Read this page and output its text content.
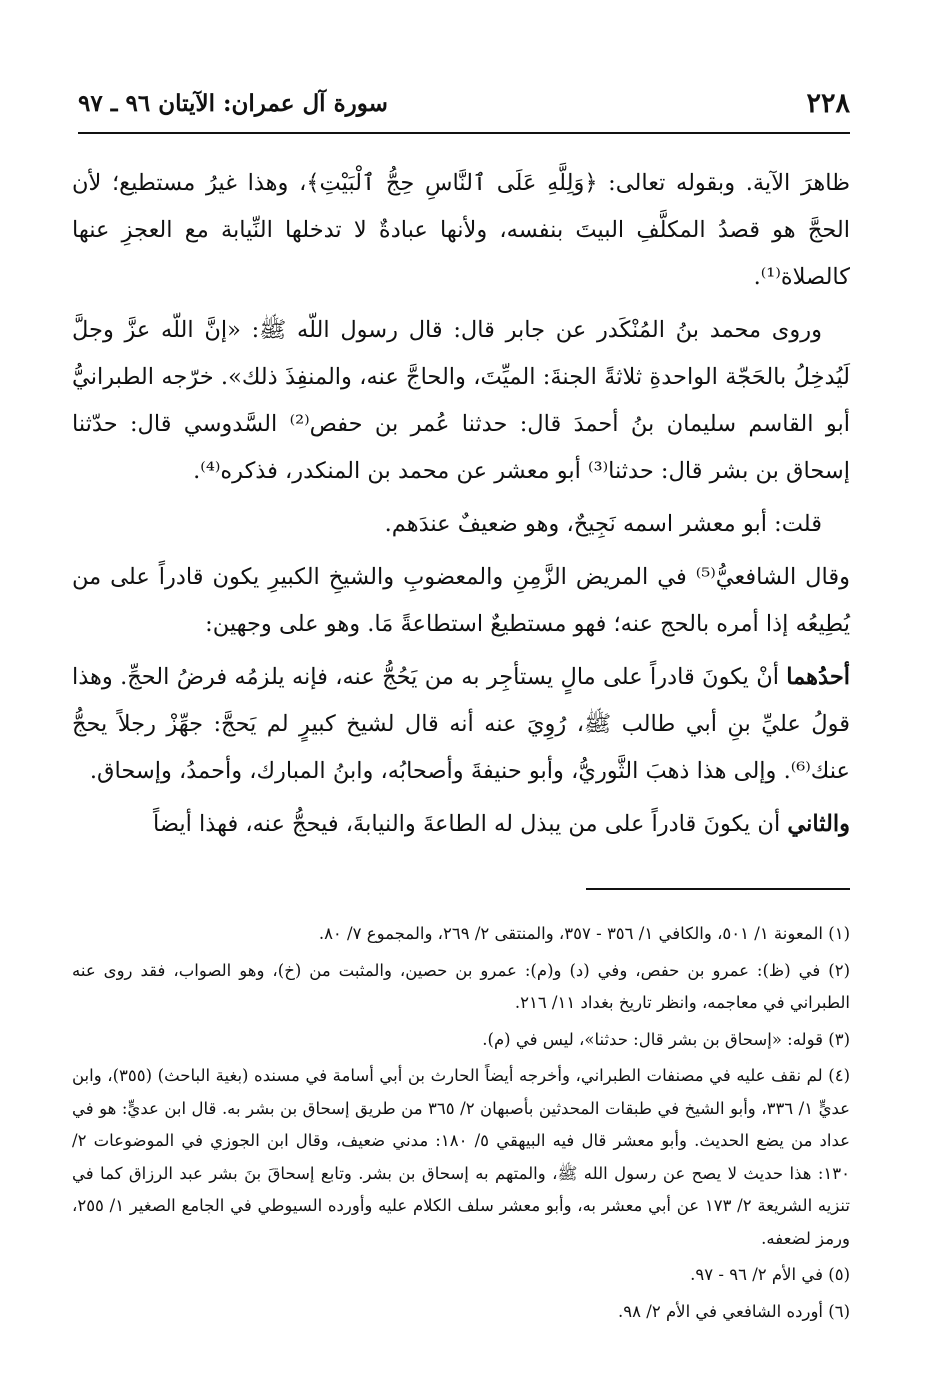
٢٢٨
سورة آل عمران: الآيتان ٩٦ ـ ٩٧

ظاهرَ الآية. وبقوله تعالى: ﴿وَلِلَّهِ عَلَى ٱلنَّاسِ حِجُّ ٱلْبَيْتِ﴾، وهذا غيرُ مستطيع؛ لأن الحجَّ هو قصدُ المكلَّفِ البيتَ بنفسه، ولأنها عبادةٌ لا تدخلها النِّيابة مع العجزِ عنها كالصلاة⁽¹⁾.

وروى محمد بنُ المُنْكَدر عن جابر قال: قال رسول اللّه ﷺ: «إنَّ اللّه عزَّ وجلَّ لَيُدخِلُ بالحَجّة الواحدةِ ثلاثةً الجنةَ: الميِّتَ، والحاجَّ عنه، والمنفِذَ ذلك». خرّجه الطبرانيُّ أبو القاسم سليمان بنُ أحمدَ قال: حدثنا عُمر بن حفص⁽²⁾ السَّدوسي قال: حدّثنا إسحاق بن بشر قال: حدثنا⁽³⁾ أبو معشر عن محمد بن المنكدر، فذكره⁽⁴⁾.

قلت: أبو معشر اسمه نَجِيحٌ، وهو ضعيفٌ عندَهم.

وقال الشافعيُّ⁽⁵⁾ في المريض الزَّمِنِ والمعضوبِ والشيخِ الكبيرِ يكون قادراً على من يُطِيعُه إذا أمره بالحج عنه؛ فهو مستطيعٌ استطاعةً مَا. وهو على وجهين:

أحدُهما أنْ يكونَ قادراً على مالٍ يستأجِر به من يَحُجُّ عنه، فإنه يلزمُه فرضُ الحجِّ. وهذا قولُ عليِّ بنِ أبي طالب ﷺ، رُوِيَ عنه أنه قال لشيخ كبيرٍ لم يَحجَّ: جهِّزْ رجلاً يحجُّ عنك⁽⁶⁾. وإلى هذا ذهبَ الثَّوريُّ، وأبو حنيفةَ وأصحابُه، وابنُ المبارك، وأحمدُ، وإسحاق.

والثاني أن يكونَ قادراً على من يبذل له الطاعةَ والنيابةَ، فيحجُّ عنه، فهذا أيضاً

(١) المعونة ١/ ٥٠١، والكافي ١/ ٣٥٦ - ٣٥٧، والمنتقى ٢/ ٢٦٩، والمجموع ٧/ ٨٠.

(٢) في (ظ): عمرو بن حفص، وفي (د) و(م): عمرو بن حصين، والمثبت من (خ)، وهو الصواب، فقد روى عنه الطبراني في معاجمه، وانظر تاريخ بغداد ١١/ ٢١٦.

(٣) قوله: «إسحاق بن بشر قال: حدثنا»، ليس في (م).

(٤) لم نقف عليه في مصنفات الطبراني، وأخرجه أيضاً الحارث بن أبي أسامة في مسنده (بغية الباحث) (٣٥٥)، وابن عديٍّ ١/ ٣٣٦، وأبو الشيخ في طبقات المحدثين بأصبهان ٢/ ٣٦٥ من طريق إسحاق بن بشر به. قال ابن عديٍّ: هو في عداد من يضع الحديث. وأبو معشر قال فيه البيهقي ٥/ ١٨٠: مدني ضعيف، وقال ابن الجوزي في الموضوعات ٢/ ١٣٠: هذا حديث لا يصح عن رسول الله ﷺ، والمتهم به إسحاق بن بشر. وتابع إسحاقَ بنَ بشر عبد الرزاق كما في تنزيه الشريعة ٢/ ١٧٣ عن أبي معشر به، وأبو معشر سلف الكلام عليه وأورده السيوطي في الجامع الصغير ١/ ٢٥٥، ورمز لضعفه.

(٥) في الأم ٢/ ٩٦ - ٩٧.

(٦) أورده الشافعي في الأم ٢/ ٩٨.
